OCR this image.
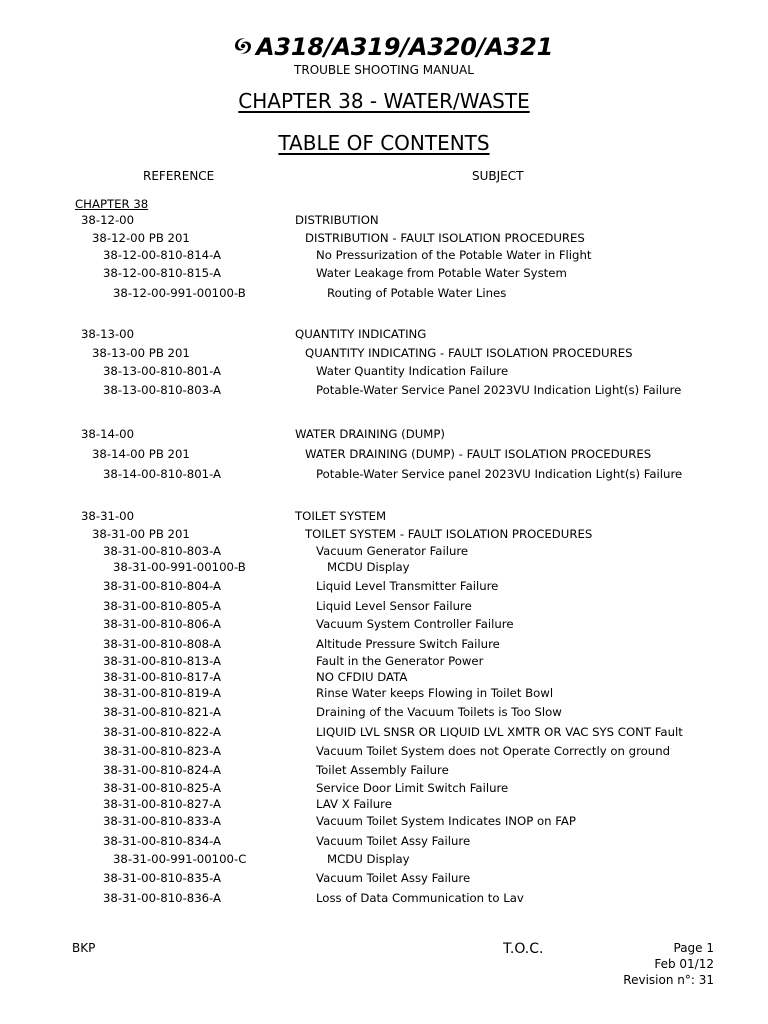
A318/A319/A320/A321
TROUBLE SHOOTING MANUAL
CHAPTER 38 - WATER/WASTE
TABLE OF CONTENTS
REFERENCE	SUBJECT
CHAPTER 38
38-12-00	DISTRIBUTION
38-12-00 PB 201	DISTRIBUTION - FAULT ISOLATION PROCEDURES
38-12-00-810-814-A	No Pressurization of the Potable Water in Flight
38-12-00-810-815-A	Water Leakage from Potable Water System
38-12-00-991-00100-B	Routing of Potable Water Lines
38-13-00	QUANTITY INDICATING
38-13-00 PB 201	QUANTITY INDICATING - FAULT ISOLATION PROCEDURES
38-13-00-810-801-A	Water Quantity Indication Failure
38-13-00-810-803-A	Potable-Water Service Panel 2023VU Indication Light(s) Failure
38-14-00	WATER DRAINING (DUMP)
38-14-00 PB 201	WATER DRAINING (DUMP) - FAULT ISOLATION PROCEDURES
38-14-00-810-801-A	Potable-Water Service panel 2023VU Indication Light(s) Failure
38-31-00	TOILET SYSTEM
38-31-00 PB 201	TOILET SYSTEM - FAULT ISOLATION PROCEDURES
38-31-00-810-803-A	Vacuum Generator Failure
38-31-00-991-00100-B	MCDU Display
38-31-00-810-804-A	Liquid Level Transmitter Failure
38-31-00-810-805-A	Liquid Level Sensor Failure
38-31-00-810-806-A	Vacuum System Controller Failure
38-31-00-810-808-A	Altitude Pressure Switch Failure
38-31-00-810-813-A	Fault in the Generator Power
38-31-00-810-817-A	NO CFDIU DATA
38-31-00-810-819-A	Rinse Water keeps Flowing in Toilet Bowl
38-31-00-810-821-A	Draining of the Vacuum Toilets is Too Slow
38-31-00-810-822-A	LIQUID LVL SNSR OR LIQUID LVL XMTR OR VAC SYS CONT Fault
38-31-00-810-823-A	Vacuum Toilet System does not Operate Correctly on ground
38-31-00-810-824-A	Toilet Assembly Failure
38-31-00-810-825-A	Service Door Limit Switch Failure
38-31-00-810-827-A	LAV X Failure
38-31-00-810-833-A	Vacuum Toilet System Indicates INOP on FAP
38-31-00-810-834-A	Vacuum Toilet Assy Failure
38-31-00-991-00100-C	MCDU Display
38-31-00-810-835-A	Vacuum Toilet Assy Failure
38-31-00-810-836-A	Loss of Data Communication to Lav
BKP	T.O.C.	Page 1
Feb 01/12
Revision n°: 31
